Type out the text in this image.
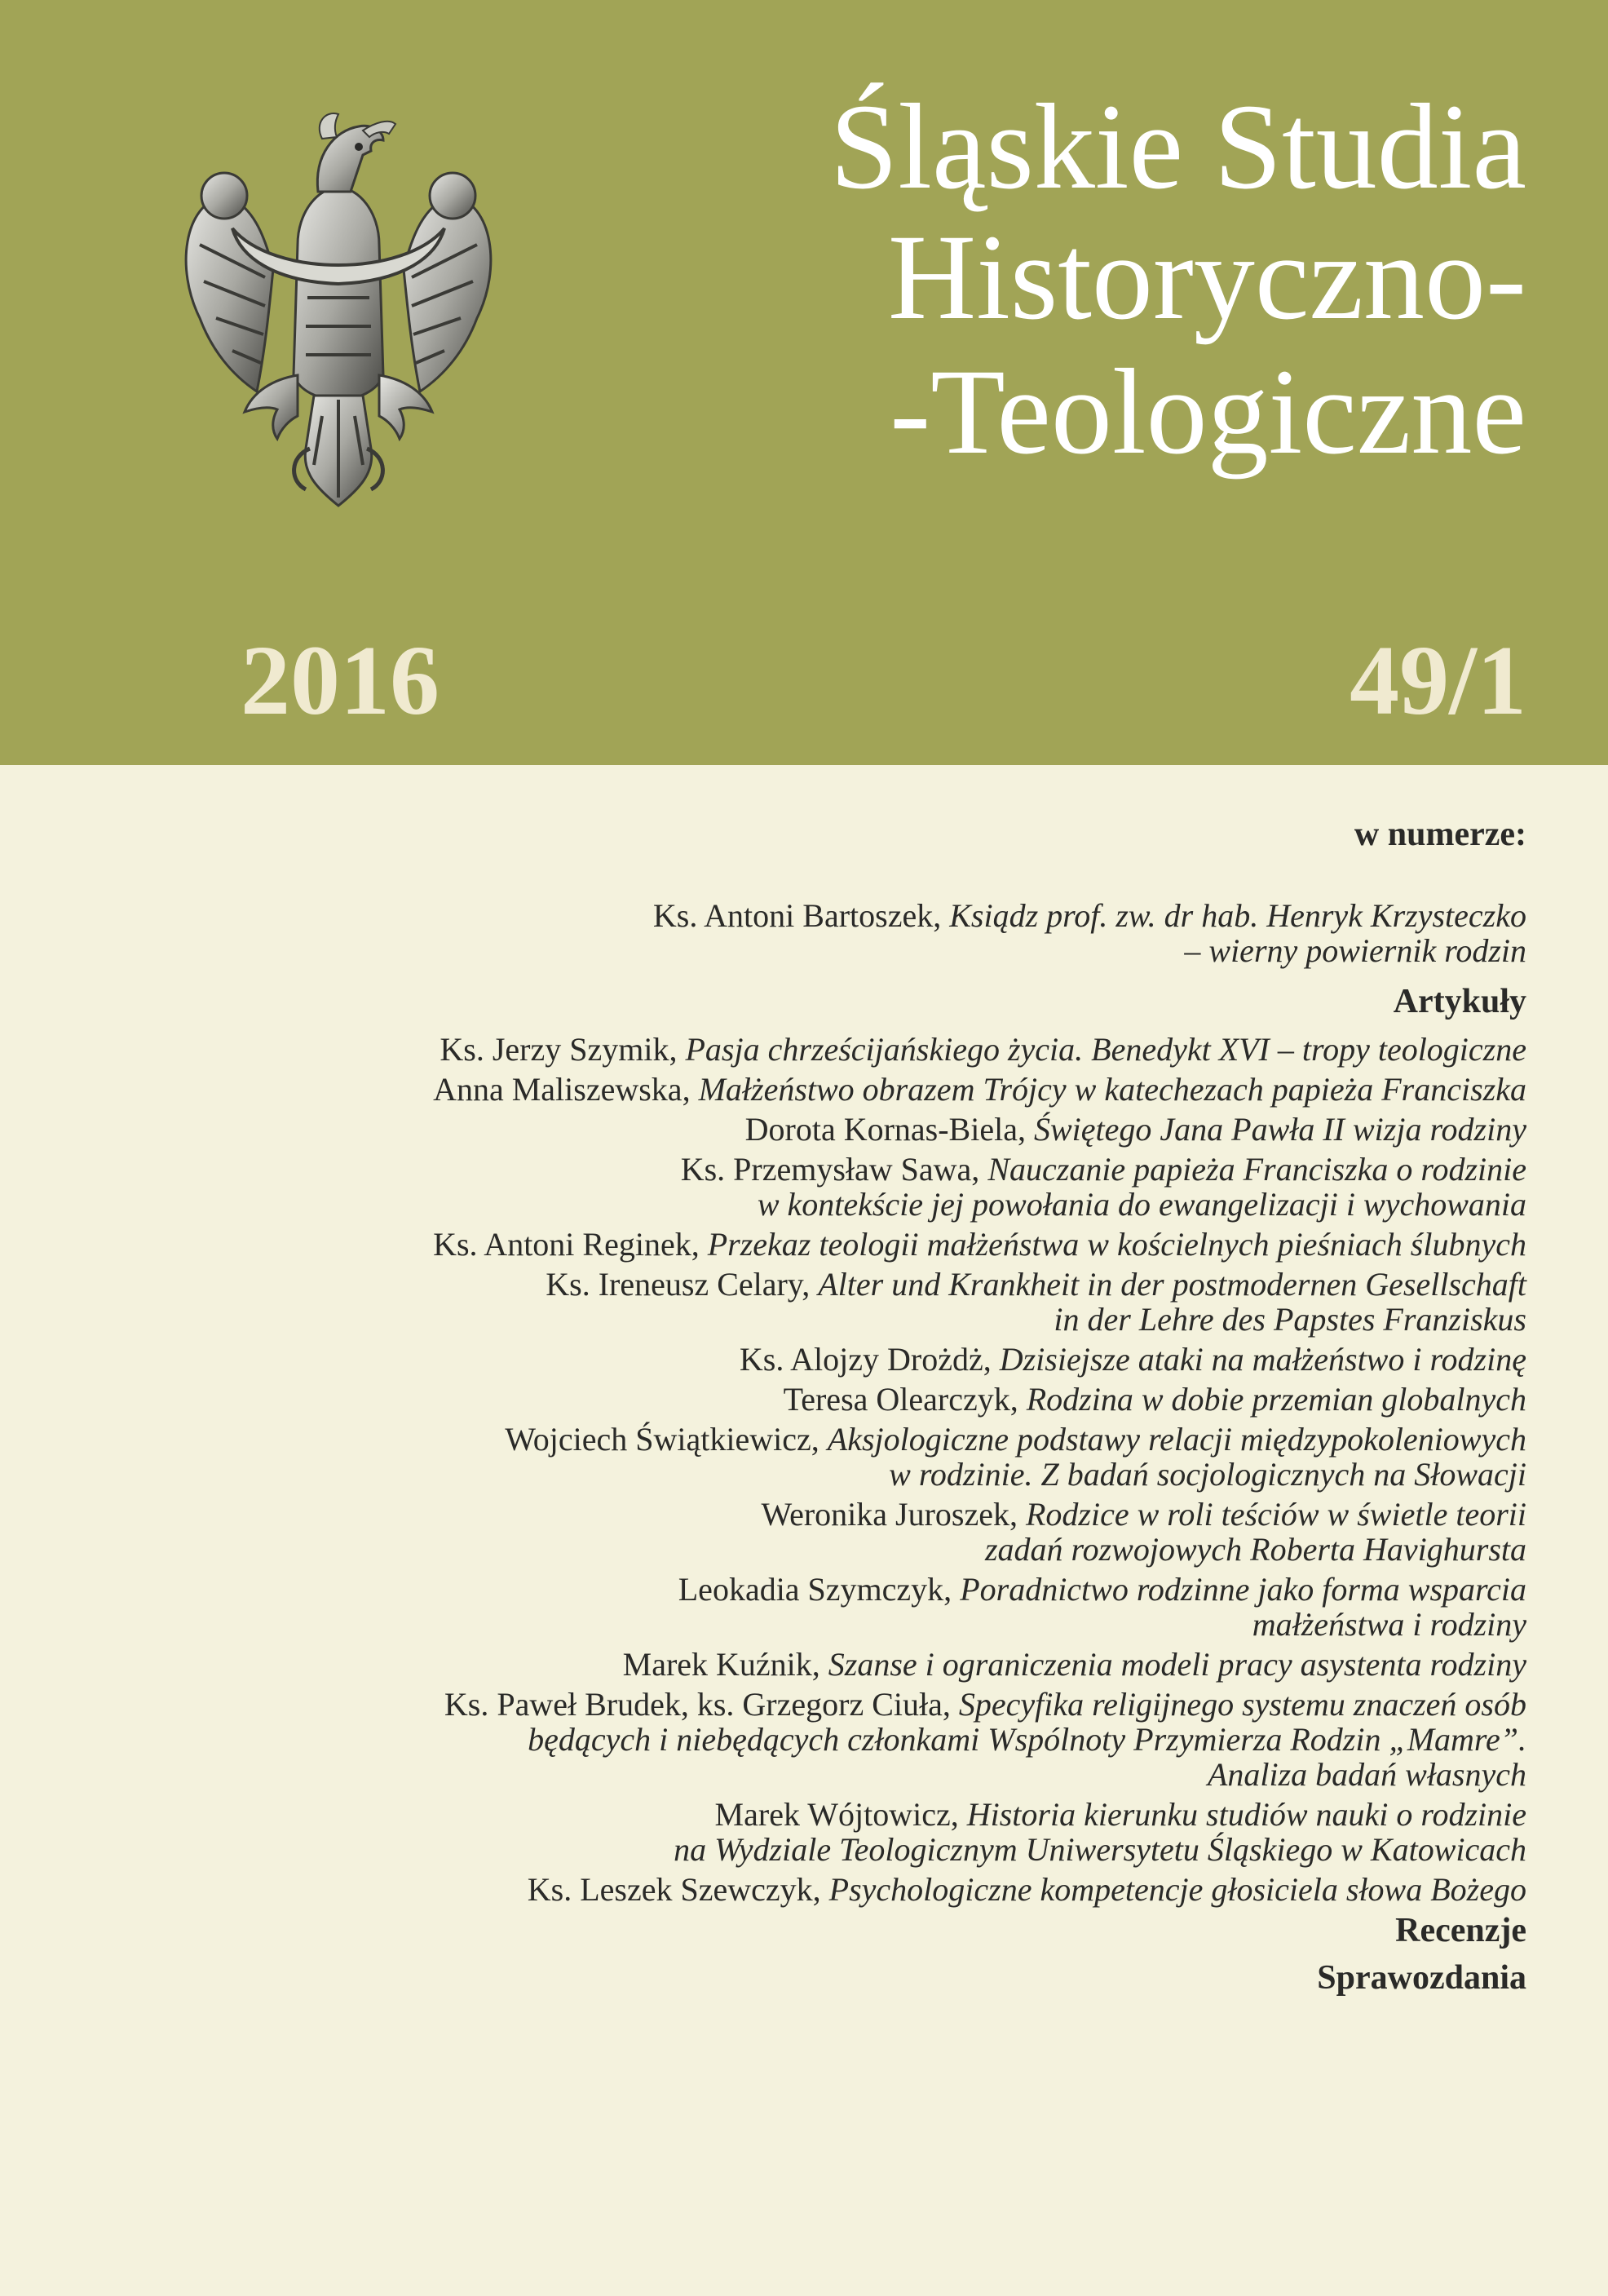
Śląskie Studia
Historyczno-
-Teologiczne
2016	49/1
w numerze:
Ks. Antoni Bartoszek, Ksiądz prof. zw. dr hab. Henryk Krzysteczko
– wierny powiernik rodzin
Artykuły
Ks. Jerzy Szymik, Pasja chrześcijańskiego życia. Benedykt XVI – tropy teologiczne
Anna Maliszewska, Małżeństwo obrazem Trójcy w katechezach papieża Franciszka
Dorota Kornas-Biela, Świętego Jana Pawła II wizja rodziny
Ks. Przemysław Sawa, Nauczanie papieża Franciszka o rodzinie
w kontekście jej powołania do ewangelizacji i wychowania
Ks. Antoni Reginek, Przekaz teologii małżeństwa w kościelnych pieśniach ślubnych
Ks. Ireneusz Celary, Alter und Krankheit in der postmodernen Gesellschaft
in der Lehre des Papstes Franziskus
Ks. Alojzy Drożdż, Dzisiejsze ataki na małżeństwo i rodzinę
Teresa Olearczyk, Rodzina w dobie przemian globalnych
Wojciech Świątkiewicz, Aksjologiczne podstawy relacji międzypokoleniowych
w rodzinie. Z badań socjologicznych na Słowacji
Weronika Juroszek, Rodzice w roli teściów w świetle teorii
zadań rozwojowych Roberta Havighursta
Leokadia Szymczyk, Poradnictwo rodzinne jako forma wsparcia
małżeństwa i rodziny
Marek Kuźnik, Szanse i ograniczenia modeli pracy asystenta rodziny
Ks. Paweł Brudek, ks. Grzegorz Ciuła, Specyfika religijnego systemu znaczeń osób
będących i niebędących członkami Wspólnoty Przymierza Rodzin „Mamre”.
Analiza badań własnych
Marek Wójtowicz, Historia kierunku studiów nauki o rodzinie
na Wydziale Teologicznym Uniwersytetu Śląskiego w Katowicach
Ks. Leszek Szewczyk, Psychologiczne kompetencje głosiciela słowa Bożego
Recenzje
Sprawozdania
